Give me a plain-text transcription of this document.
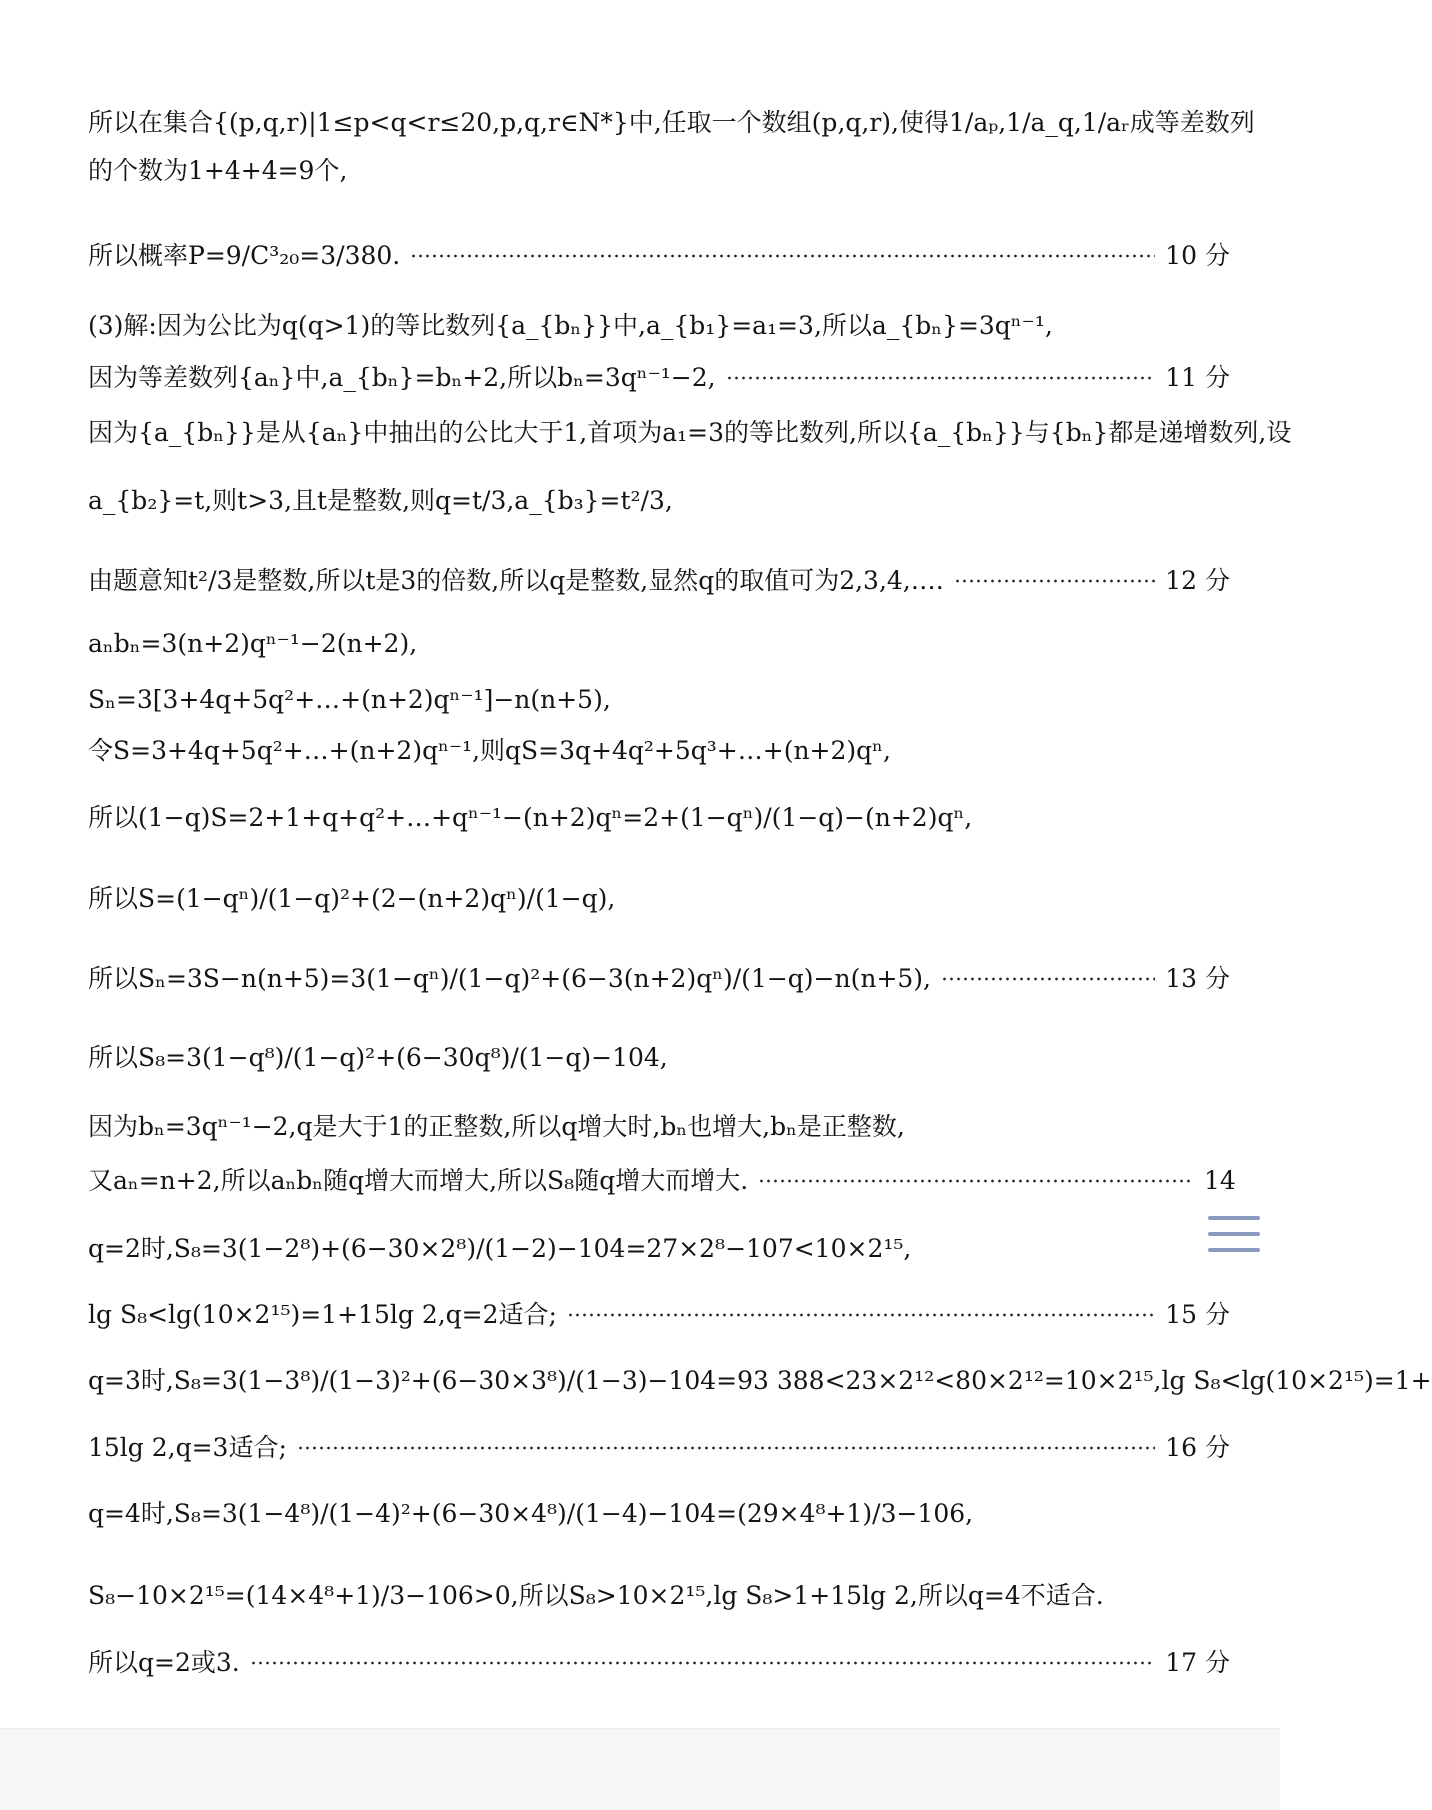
所以在集合{(p,q,r)|1≤p<q<r≤20,p,q,r∈N*}中,任取一个数组(p,q,r),使得1/aₚ,1/a_q,1/aᵣ成等差数列
的个数为1+4+4=9个,
所以概率P=9/C³₂₀=3/380.	10 分
(3)解:因为公比为q(q>1)的等比数列{a_{bₙ}}中,a_{b₁}=a₁=3,所以a_{bₙ}=3qⁿ⁻¹,
因为等差数列{aₙ}中,a_{bₙ}=bₙ+2,所以bₙ=3qⁿ⁻¹−2,	11 分
因为{a_{bₙ}}是从{aₙ}中抽出的公比大于1,首项为a₁=3的等比数列,所以{a_{bₙ}}与{bₙ}都是递增数列,设
a_{b₂}=t,则t>3,且t是整数,则q=t/3,a_{b₃}=t²/3,
由题意知t²/3是整数,所以t是3的倍数,所以q是整数,显然q的取值可为2,3,4,….	12 分
aₙbₙ=3(n+2)qⁿ⁻¹−2(n+2),
Sₙ=3[3+4q+5q²+…+(n+2)qⁿ⁻¹]−n(n+5),
令S=3+4q+5q²+…+(n+2)qⁿ⁻¹,则qS=3q+4q²+5q³+…+(n+2)qⁿ,
所以(1−q)S=2+1+q+q²+…+qⁿ⁻¹−(n+2)qⁿ=2+(1−qⁿ)/(1−q)−(n+2)qⁿ,
所以S=(1−qⁿ)/(1−q)²+(2−(n+2)qⁿ)/(1−q),
所以Sₙ=3S−n(n+5)=3(1−qⁿ)/(1−q)²+(6−3(n+2)qⁿ)/(1−q)−n(n+5),	13 分
所以S₈=3(1−q⁸)/(1−q)²+(6−30q⁸)/(1−q)−104,
因为bₙ=3qⁿ⁻¹−2,q是大于1的正整数,所以q增大时,bₙ也增大,bₙ是正整数,
又aₙ=n+2,所以aₙbₙ随q增大而增大,所以S₈随q增大而增大.	14
q=2时,S₈=3(1−2⁸)+(6−30×2⁸)/(1−2)−104=27×2⁸−107<10×2¹⁵,
lg S₈<lg(10×2¹⁵)=1+15lg 2,q=2适合;	15 分
q=3时,S₈=3(1−3⁸)/(1−3)²+(6−30×3⁸)/(1−3)−104=93 388<23×2¹²<80×2¹²=10×2¹⁵,lg S₈<lg(10×2¹⁵)=1+
15lg 2,q=3适合;	16 分
q=4时,S₈=3(1−4⁸)/(1−4)²+(6−30×4⁸)/(1−4)−104=(29×4⁸+1)/3−106,
S₈−10×2¹⁵=(14×4⁸+1)/3−106>0,所以S₈>10×2¹⁵,lg S₈>1+15lg 2,所以q=4不适合.
所以q=2或3.	17 分
